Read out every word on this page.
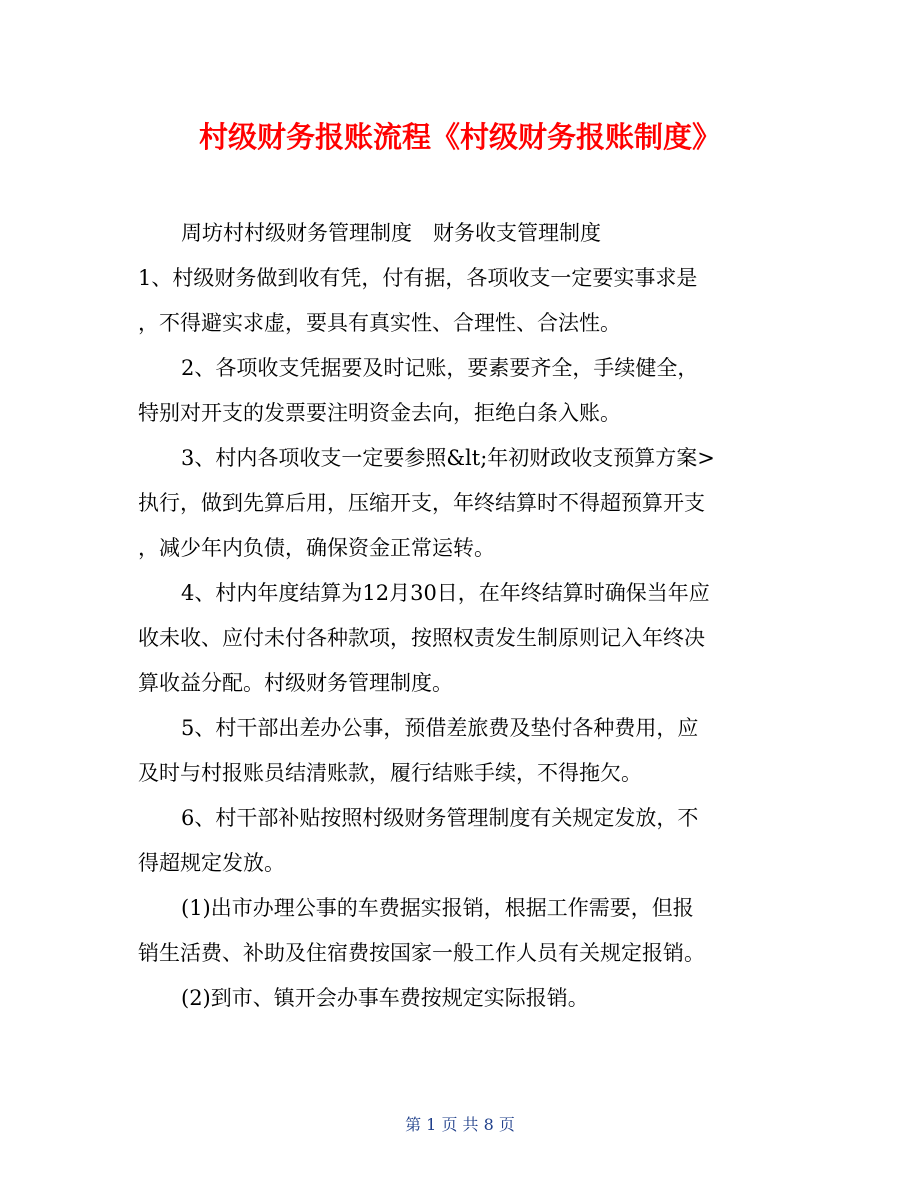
村级财务报账流程《村级财务报账制度》
周坊村村级财务管理制度　财务收支管理制度
1、村级财务做到收有凭，付有据，各项收支一定要实事求是
，不得避实求虚，要具有真实性、合理性、合法性。
2、各项收支凭据要及时记账，要素要齐全，手续健全，
特别对开支的发票要注明资金去向，拒绝白条入账。
3、村内各项收支一定要参照&lt;年初财政收支预算方案>
执行，做到先算后用，压缩开支，年终结算时不得超预算开支
，减少年内负债，确保资金正常运转。
4、村内年度结算为12月30日，在年终结算时确保当年应
收未收、应付未付各种款项，按照权责发生制原则记入年终决
算收益分配。村级财务管理制度。
5、村干部出差办公事，预借差旅费及垫付各种费用，应
及时与村报账员结清账款，履行结账手续，不得拖欠。
6、村干部补贴按照村级财务管理制度有关规定发放，不
得超规定发放。
(1)出市办理公事的车费据实报销，根据工作需要，但报
销生活费、补助及住宿费按国家一般工作人员有关规定报销。
(2)到市、镇开会办事车费按规定实际报销。
第 1 页 共 8 页
